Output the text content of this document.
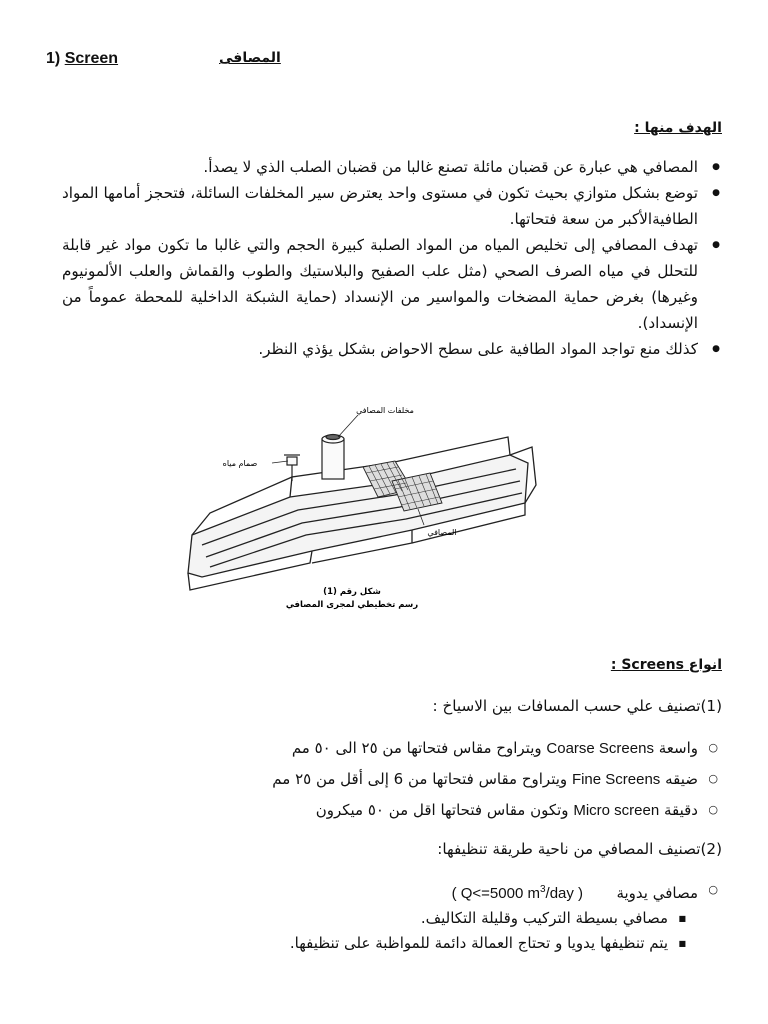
1) Screen	المصافى
الهدف منها :
● المصافي هي عبارة عن قضبان مائلة تصنع غالبا من قضبان الصلب الذي لا يصدأ.
● توضع بشكل متوازي بحيث تكون في مستوى واحد يعترض سير المخلفات السائلة، فتحجز أمامها المواد الطافيةالأكبر من سعة فتحاتها.
● تهدف المصافي إلى تخليص المياه من المواد الصلبة كبيرة الحجم والتي غالبا ما تكون مواد غير قابلة للتحلل في مياه الصرف الصحي (مثل علب الصفيح والبلاستيك والطوب والقماش والعلب الألمونيوم وغيرها) بغرض حماية المضخات والمواسير من الإنسداد (حماية الشبكة الداخلية للمحطة عموماً من الإنسداد).
● كذلك منع تواجد المواد الطافية على سطح الاحواض بشكل يؤذي النظر.
مخلفات المصافي
صمام مياه
المصافي
شكل رقم (1)
رسم تخطيطي لمجرى المصافي
انواع Screens :
(1)تصنيف علي حسب المسافات بين الاسياخ :
○ واسعة Coarse Screens ويتراوح مقاس فتحاتها من ٢٥ الى ٥٠ مم
○ ضيقه Fine Screens ويتراوح مقاس فتحاتها من 6 إلى أقل من ٢٥ مم
○ دقيقة Micro screen وتكون مقاس فتحاتها اقل من ٥٠ ميكرون
(2)تصنيف المصافي من ناحية طريقة تنظيفها:
○ مصافي يدوية       ( Q<=5000 $m^3$/day )
■ مصافي بسيطة التركيب وقليلة التكاليف.
■ يتم تنظيفها يدويا و تحتاج العمالة دائمة للمواظبة على تنظيفها.
